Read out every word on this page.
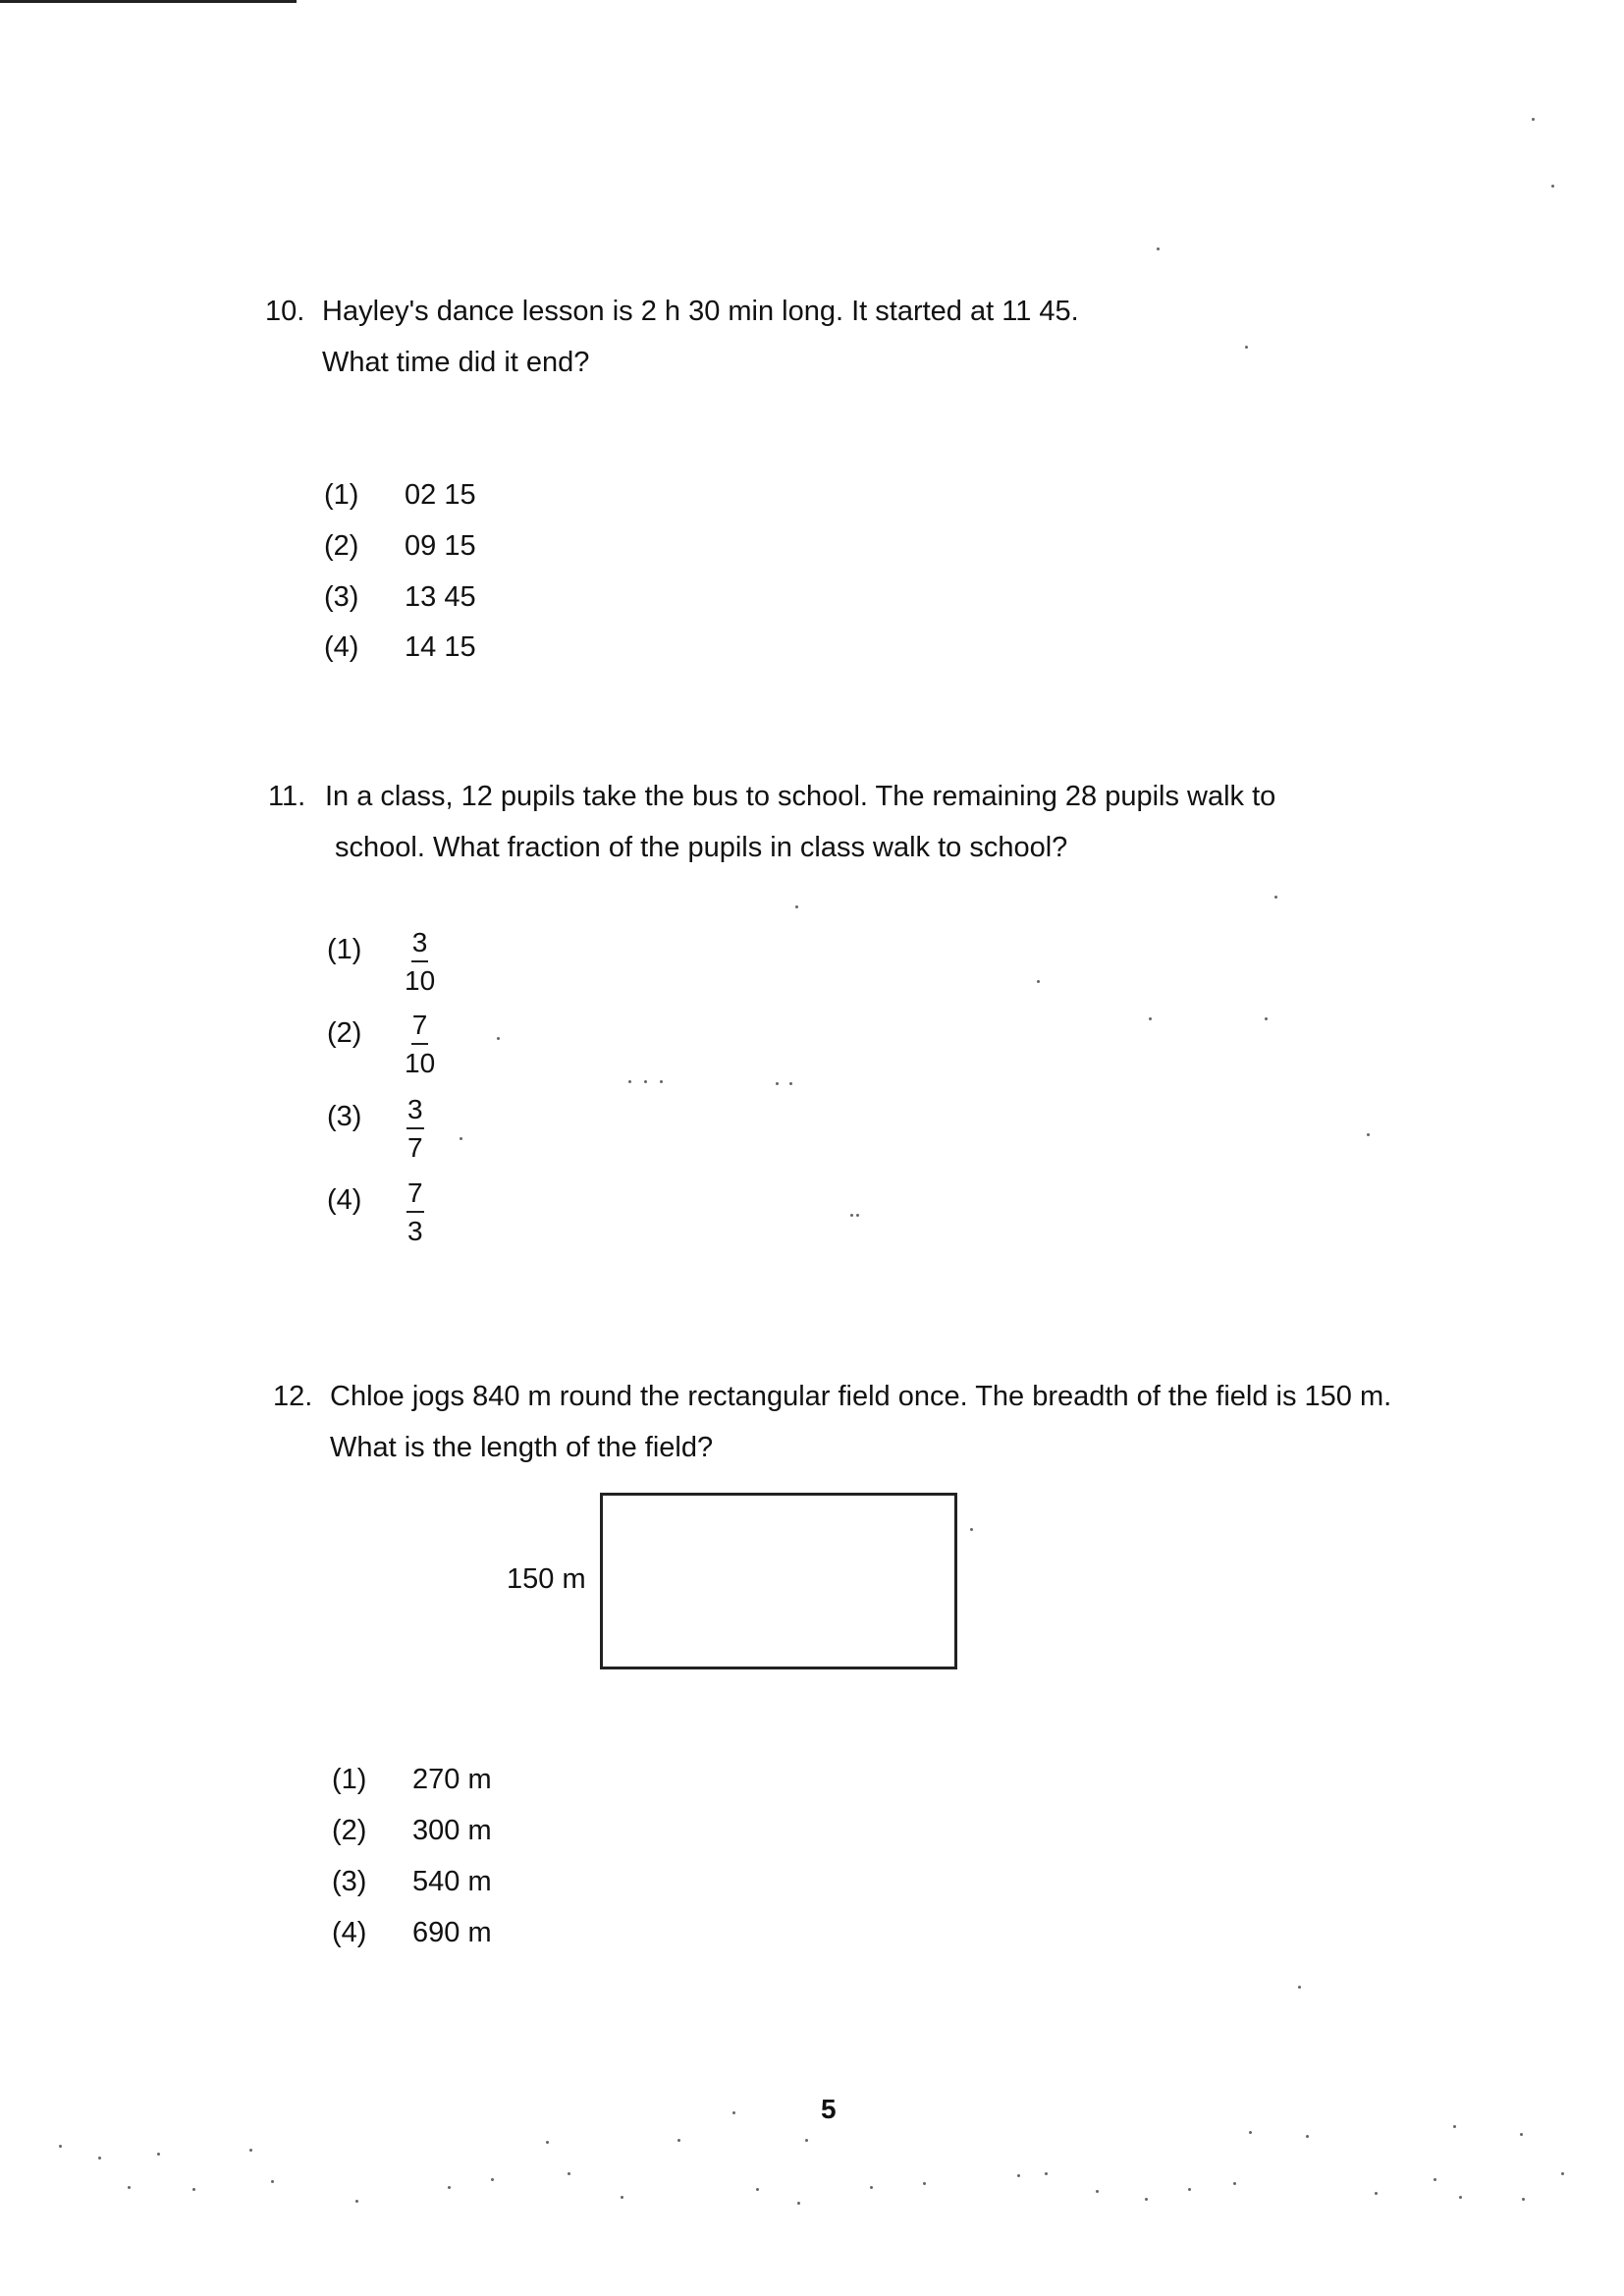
10. Hayley's dance lesson is 2 h 30 min long. It started at 11 45.
What time did it end?
(1) 02 15
(2) 09 15
(3) 13 45
(4) 14 15
11. In a class, 12 pupils take the bus to school. The remaining 28 pupils walk to
school. What fraction of the pupils in class walk to school?
$(1) \frac{3}{10}$
$(2) \frac{7}{10}$
$(3) \frac{3}{7}$
$(4) \frac{7}{3}$
12. Chloe jogs 840 m round the rectangular field once. The breadth of the field is 150 m.
What is the length of the field?
150 m
(1) 270 m
(2) 300 m
(3) 540 m
(4) 690 m
5
